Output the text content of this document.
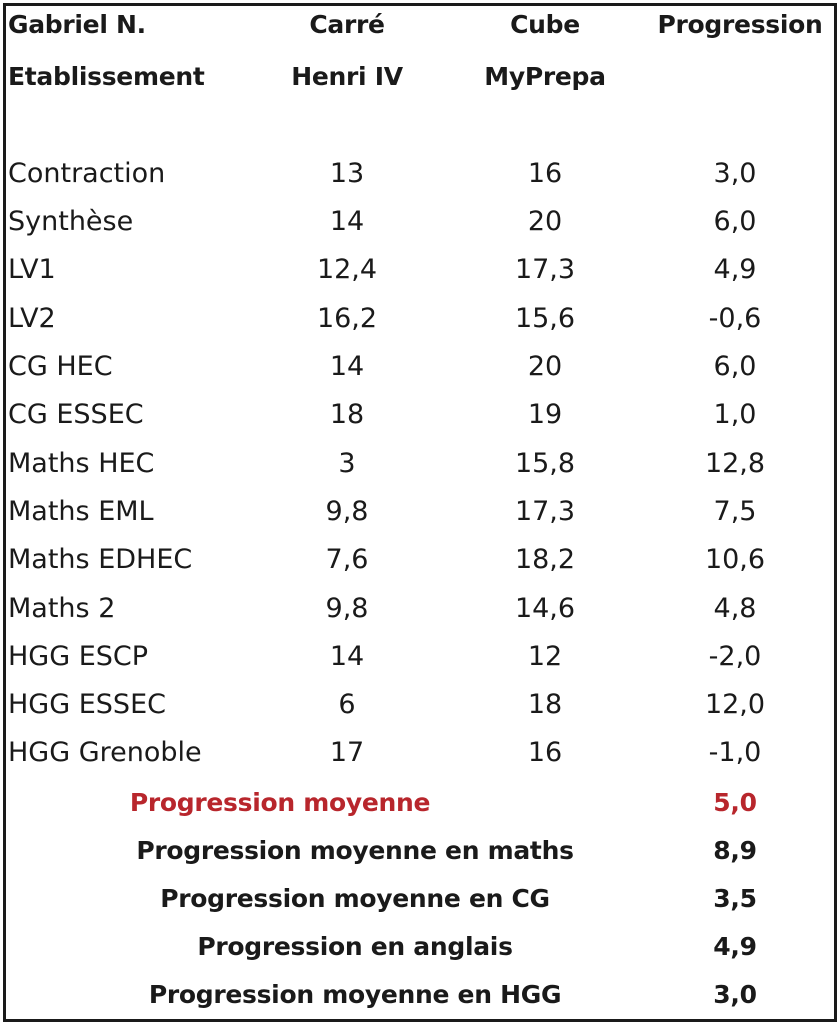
Gabriel N.	Carré	Cube	Progression
Etablissement	Henri IV	MyPrepa
Contraction	13	16	3,0
Synthèse	14	20	6,0
LV1	12,4	17,3	4,9
LV2	16,2	15,6	-0,6
CG HEC	14	20	6,0
CG ESSEC	18	19	1,0
Maths HEC	3	15,8	12,8
Maths EML	9,8	17,3	7,5
Maths EDHEC	7,6	18,2	10,6
Maths 2	9,8	14,6	4,8
HGG ESCP	14	12	-2,0
HGG ESSEC	6	18	12,0
HGG Grenoble	17	16	-1,0
Progression moyenne	5,0
Progression moyenne en maths	8,9
Progression moyenne en CG	3,5
Progression en anglais	4,9
Progression moyenne en HGG	3,0
